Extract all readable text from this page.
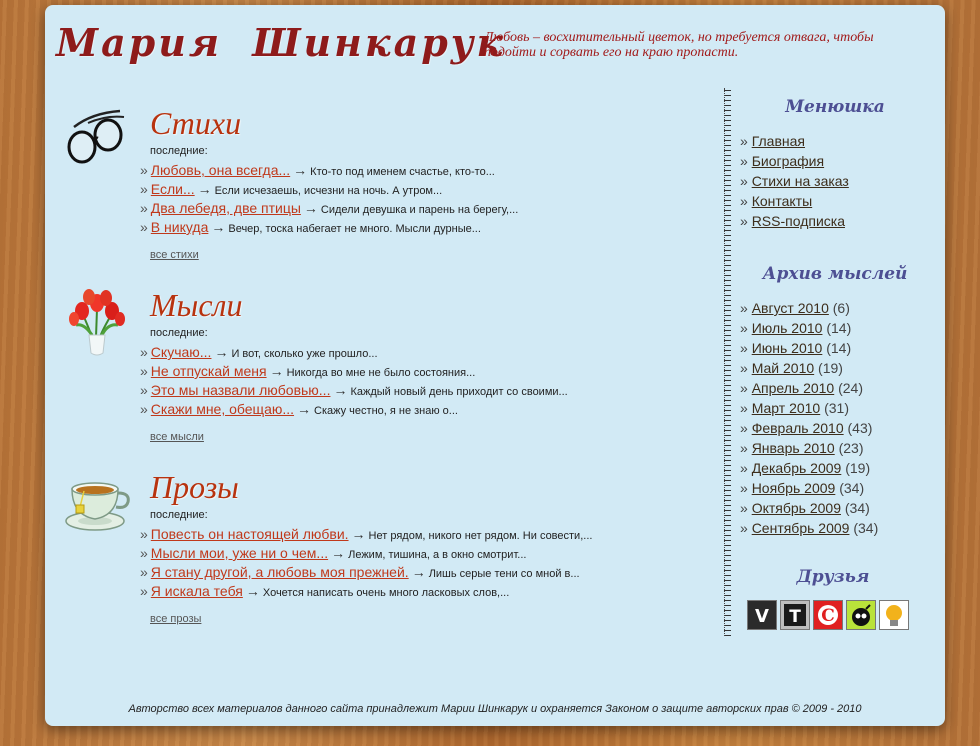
Мария Шинкарук
Любовь – восхитительный цветок, но требуется отвага, чтобы подойти и сорвать его на краю пропасти.
Стихи
последние:
» Любовь, она всегда... → Кто-то под именем счастье, кто-то...
» Если... → Если исчезаешь, исчезни на ночь. А утром...
» Два лебедя, две птицы → Сидели девушка и парень на берегу,...
» В никуда → Вечер, тоска набегает не много. Мысли дурные...
все стихи
Мысли
последние:
» Скучаю... → И вот, сколько уже прошло...
» Не отпускай меня → Никогда во мне не было состояния...
» Это мы назвали любовью... → Каждый новый день приходит со своими...
» Скажи мне, обещаю... → Скажу честно, я не знаю о...
все мысли
Прозы
последние:
» Повесть он настоящей любви. → Нет рядом, никого нет рядом. Ни совести,...
» Мысли мои, уже ни о чем... → Лежим, тишина, а в окно смотрит...
» Я стану другой, а любовь моя прежней. → Лишь серые тени со мной в...
» Я искала тебя → Хочется написать очень много ласковых слов,...
все прозы
Менюшка
» Главная
» Биография
» Стихи на заказ
» Контакты
» RSS-подписка
Архив мыслей
» Август 2010 (6)
» Июль 2010 (14)
» Июнь 2010 (14)
» Май 2010 (19)
» Апрель 2010 (24)
» Март 2010 (31)
» Февраль 2010 (43)
» Январь 2010 (23)
» Декабрь 2009 (19)
» Ноябрь 2009 (34)
» Октябрь 2009 (34)
» Сентябрь 2009 (34)
Друзья
V T C
Авторство всех материалов данного сайта принадлежит Марии Шинкарук и охраняется Законом о защите авторских прав © 2009 - 2010
